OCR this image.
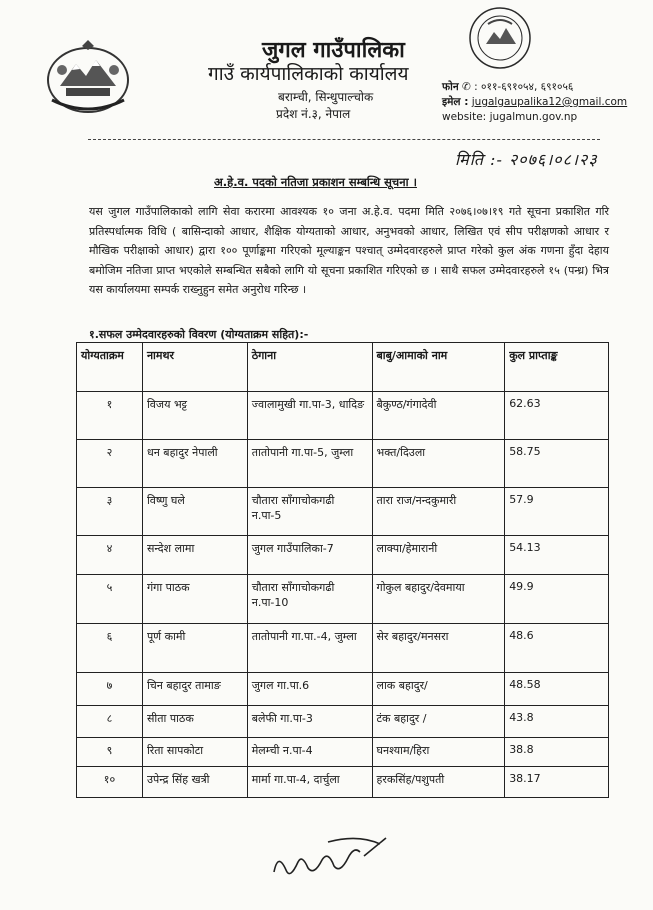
जुगल गाउँपालिका
गाउँ कार्यपालिकाको कार्यालय
बराम्ची, सिन्धुपाल्चोक
प्रदेश नं.३, नेपाल
फोन ✆ : ०११-६९१०५४, ६९१०५६
इमेल : jugalgaupalika12@gmail.com
website: jugalmun.gov.np
मिति :- २०७६।०८।२३
अ.हे.व. पदको नतिजा प्रकाशन सम्बन्धि सूचना ।
यस जुगल गाउँपालिकाको लागि सेवा करारमा आवश्यक १० जना अ.हे.व. पदमा मिति २०७६।०७।१९ गते सूचना प्रकाशित गरि प्रतिस्पर्धात्मक विधि ( बासिन्दाको आधार, शैक्षिक योग्यताको आधार, अनुभवको आधार, लिखित एवं सीप परीक्षणको आधार र मौखिक परीक्षाको आधार) द्वारा १०० पूर्णाङ्कमा गरिएको मूल्याङ्कन पश्चात् उम्मेदवारहरुले प्राप्त गरेको कुल अंक गणना हुँदा देहाय बमोजिम नतिजा प्राप्त भएकोले सम्बन्धित सबैको लागि यो सूचना प्रकाशित गरिएको छ । साथै सफल उम्मेदवारहरुले १५ (पन्ध्र) भित्र यस कार्यालयमा सम्पर्क राख्नुहुन समेत अनुरोध गरिन्छ ।
१.सफल उम्मेदवारहरुको विवरण (योग्यताक्रम सहित):-
योग्यताक्रम	नामथर	ठेगाना	बाबु/आमाको नाम	कुल प्राप्ताङ्क
१	विजय भट्ट	ज्वालामुखी गा.पा-3, धादिङ	बैकुण्ठ/गंगादेवी	62.63
२	धन बहादुर नेपाली	तातोपानी गा.पा-5, जुम्ला	भक्त/दिउला	58.75
३	विष्णु घले	चौतारा साँगाचोकगढी न.पा-5	तारा राज/नन्दकुमारी	57.9
४	सन्देश लामा	जुगल गाउँपालिका-7	लाक्पा/हेमारानी	54.13
५	गंगा पाठक	चौतारा साँगाचोकगढी न.पा-10	गोकुल बहादुर/देवमाया	49.9
६	पूर्ण कामी	तातोपानी गा.पा.-4, जुम्ला	सेर बहादुर/मनसरा	48.6
७	चिन बहादुर तामाङ	जुगल गा.पा.6	लाक बहादुर/	48.58
८	सीता पाठक	बलेफी गा.पा-3	टंक बहादुर /	43.8
९	रिता सापकोटा	मेलम्ची न.पा-4	घनश्याम/हिरा	38.8
१०	उपेन्द्र सिंह खत्री	मार्मा गा.पा-4, दार्चुला	हरकसिंह/पशुपती	38.17
